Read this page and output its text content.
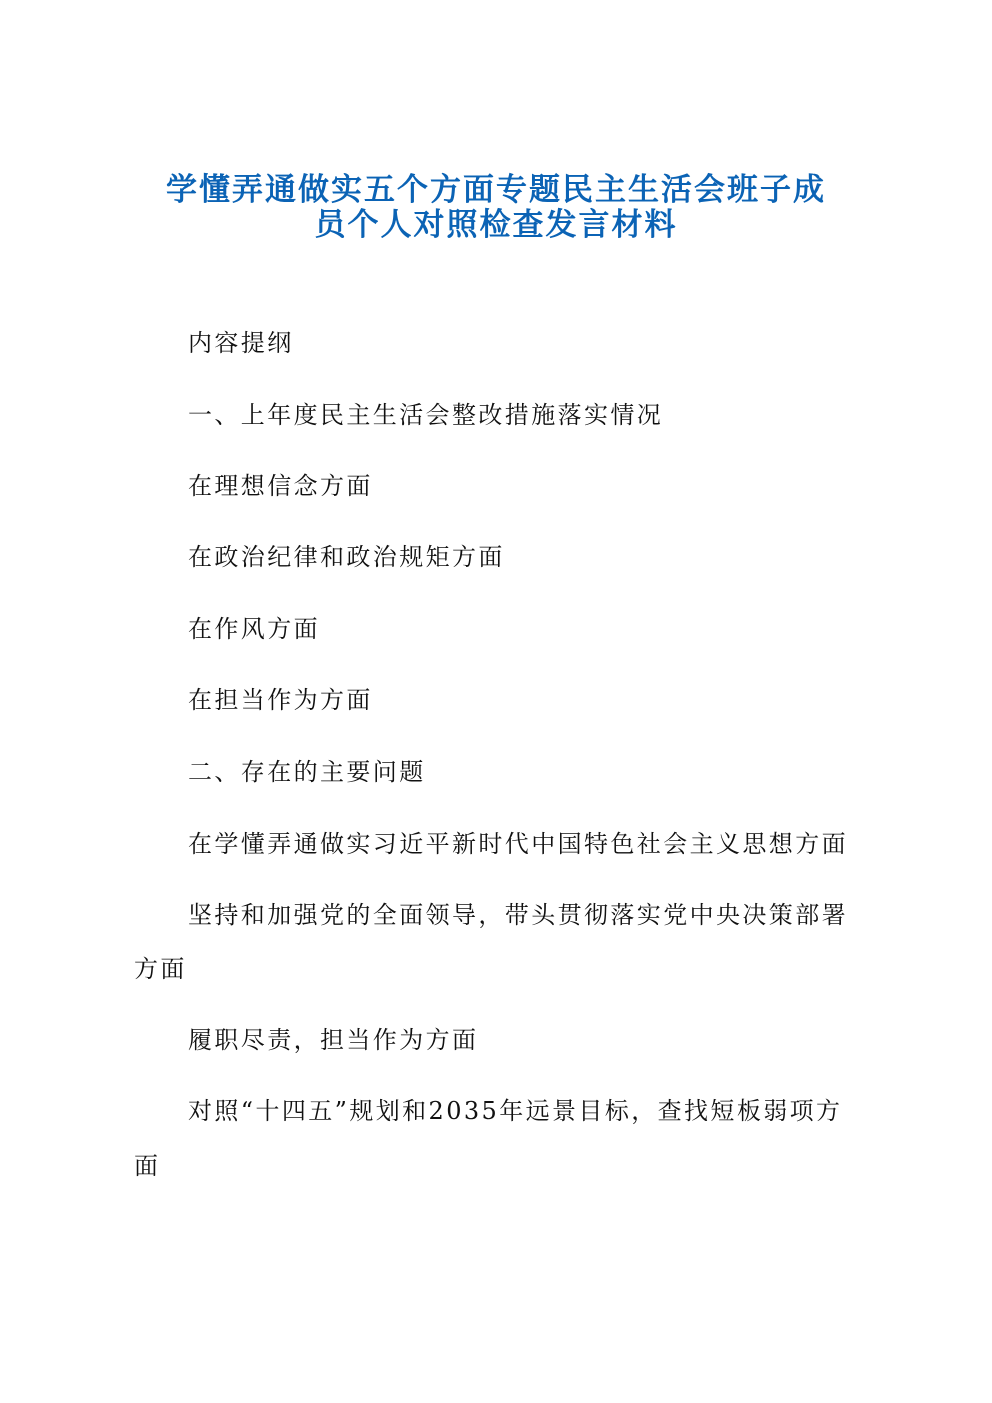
学懂弄通做实五个方面专题民主生活会班子成
员个人对照检查发言材料
内容提纲
一、上年度民主生活会整改措施落实情况
在理想信念方面
在政治纪律和政治规矩方面
在作风方面
在担当作为方面
二、存在的主要问题
在学懂弄通做实习近平新时代中国特色社会主义思想方面
坚持和加强党的全面领导，带头贯彻落实党中央决策部署
方面
履职尽责，担当作为方面
对照“十四五”规划和2035年远景目标，查找短板弱项方
面
